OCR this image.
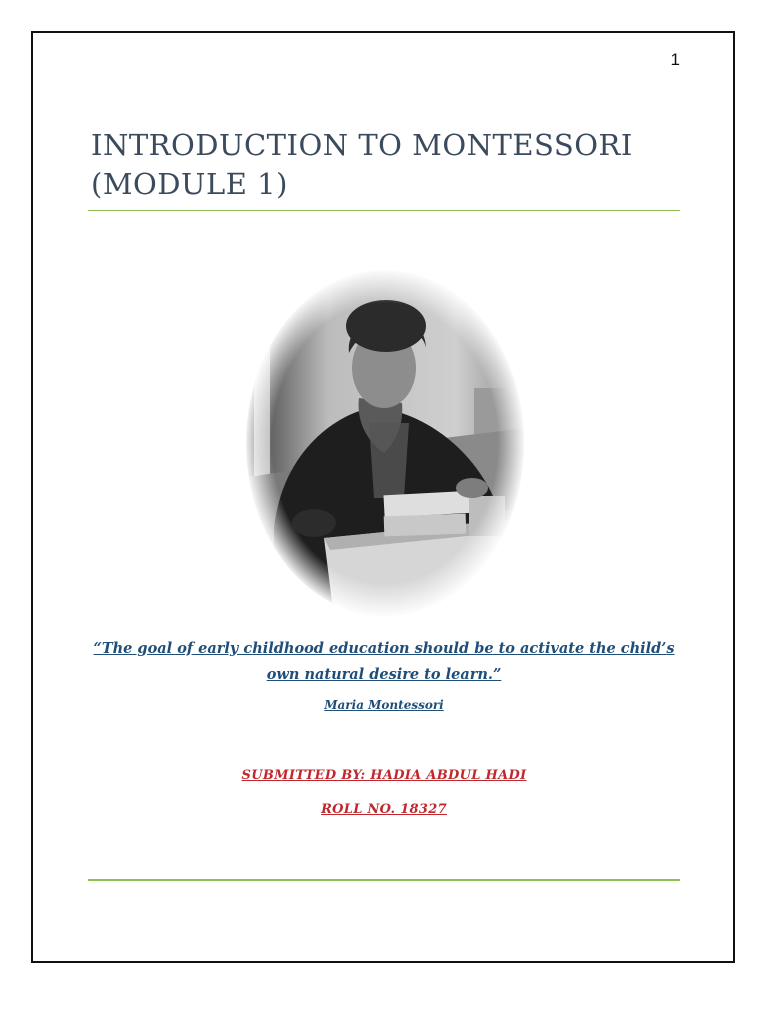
1
INTRODUCTION TO MONTESSORI
(MODULE 1)

“The goal of early childhood education should be to activate the child’s
own natural desire to learn.”

Maria Montessori
SUBMITTED BY: HADIA ABDUL HADI
ROLL NO. 18327
